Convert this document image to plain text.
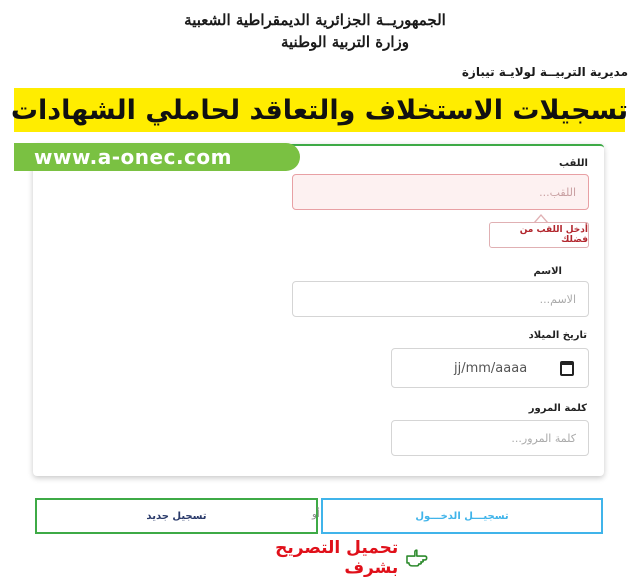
الجمهوريــة الجزائرية الديمقراطية الشعبية
وزارة التربية الوطنية
مديرية التربيــة لولايـة تيبازة
تسجيلات الاستخلاف والتعاقد لحاملي الشهادات
www.a-onec.com	اللقب
اللقب...
أدخل اللقب من فضلك
الاسم
الاسم...
تاريخ الميلاد
jj/mm/aaaa
كلمة المرور
كلمة المرور...
تسجيل جديد	أو	تسجيـــل الدخـــول
تحميل التصريح بشرف
